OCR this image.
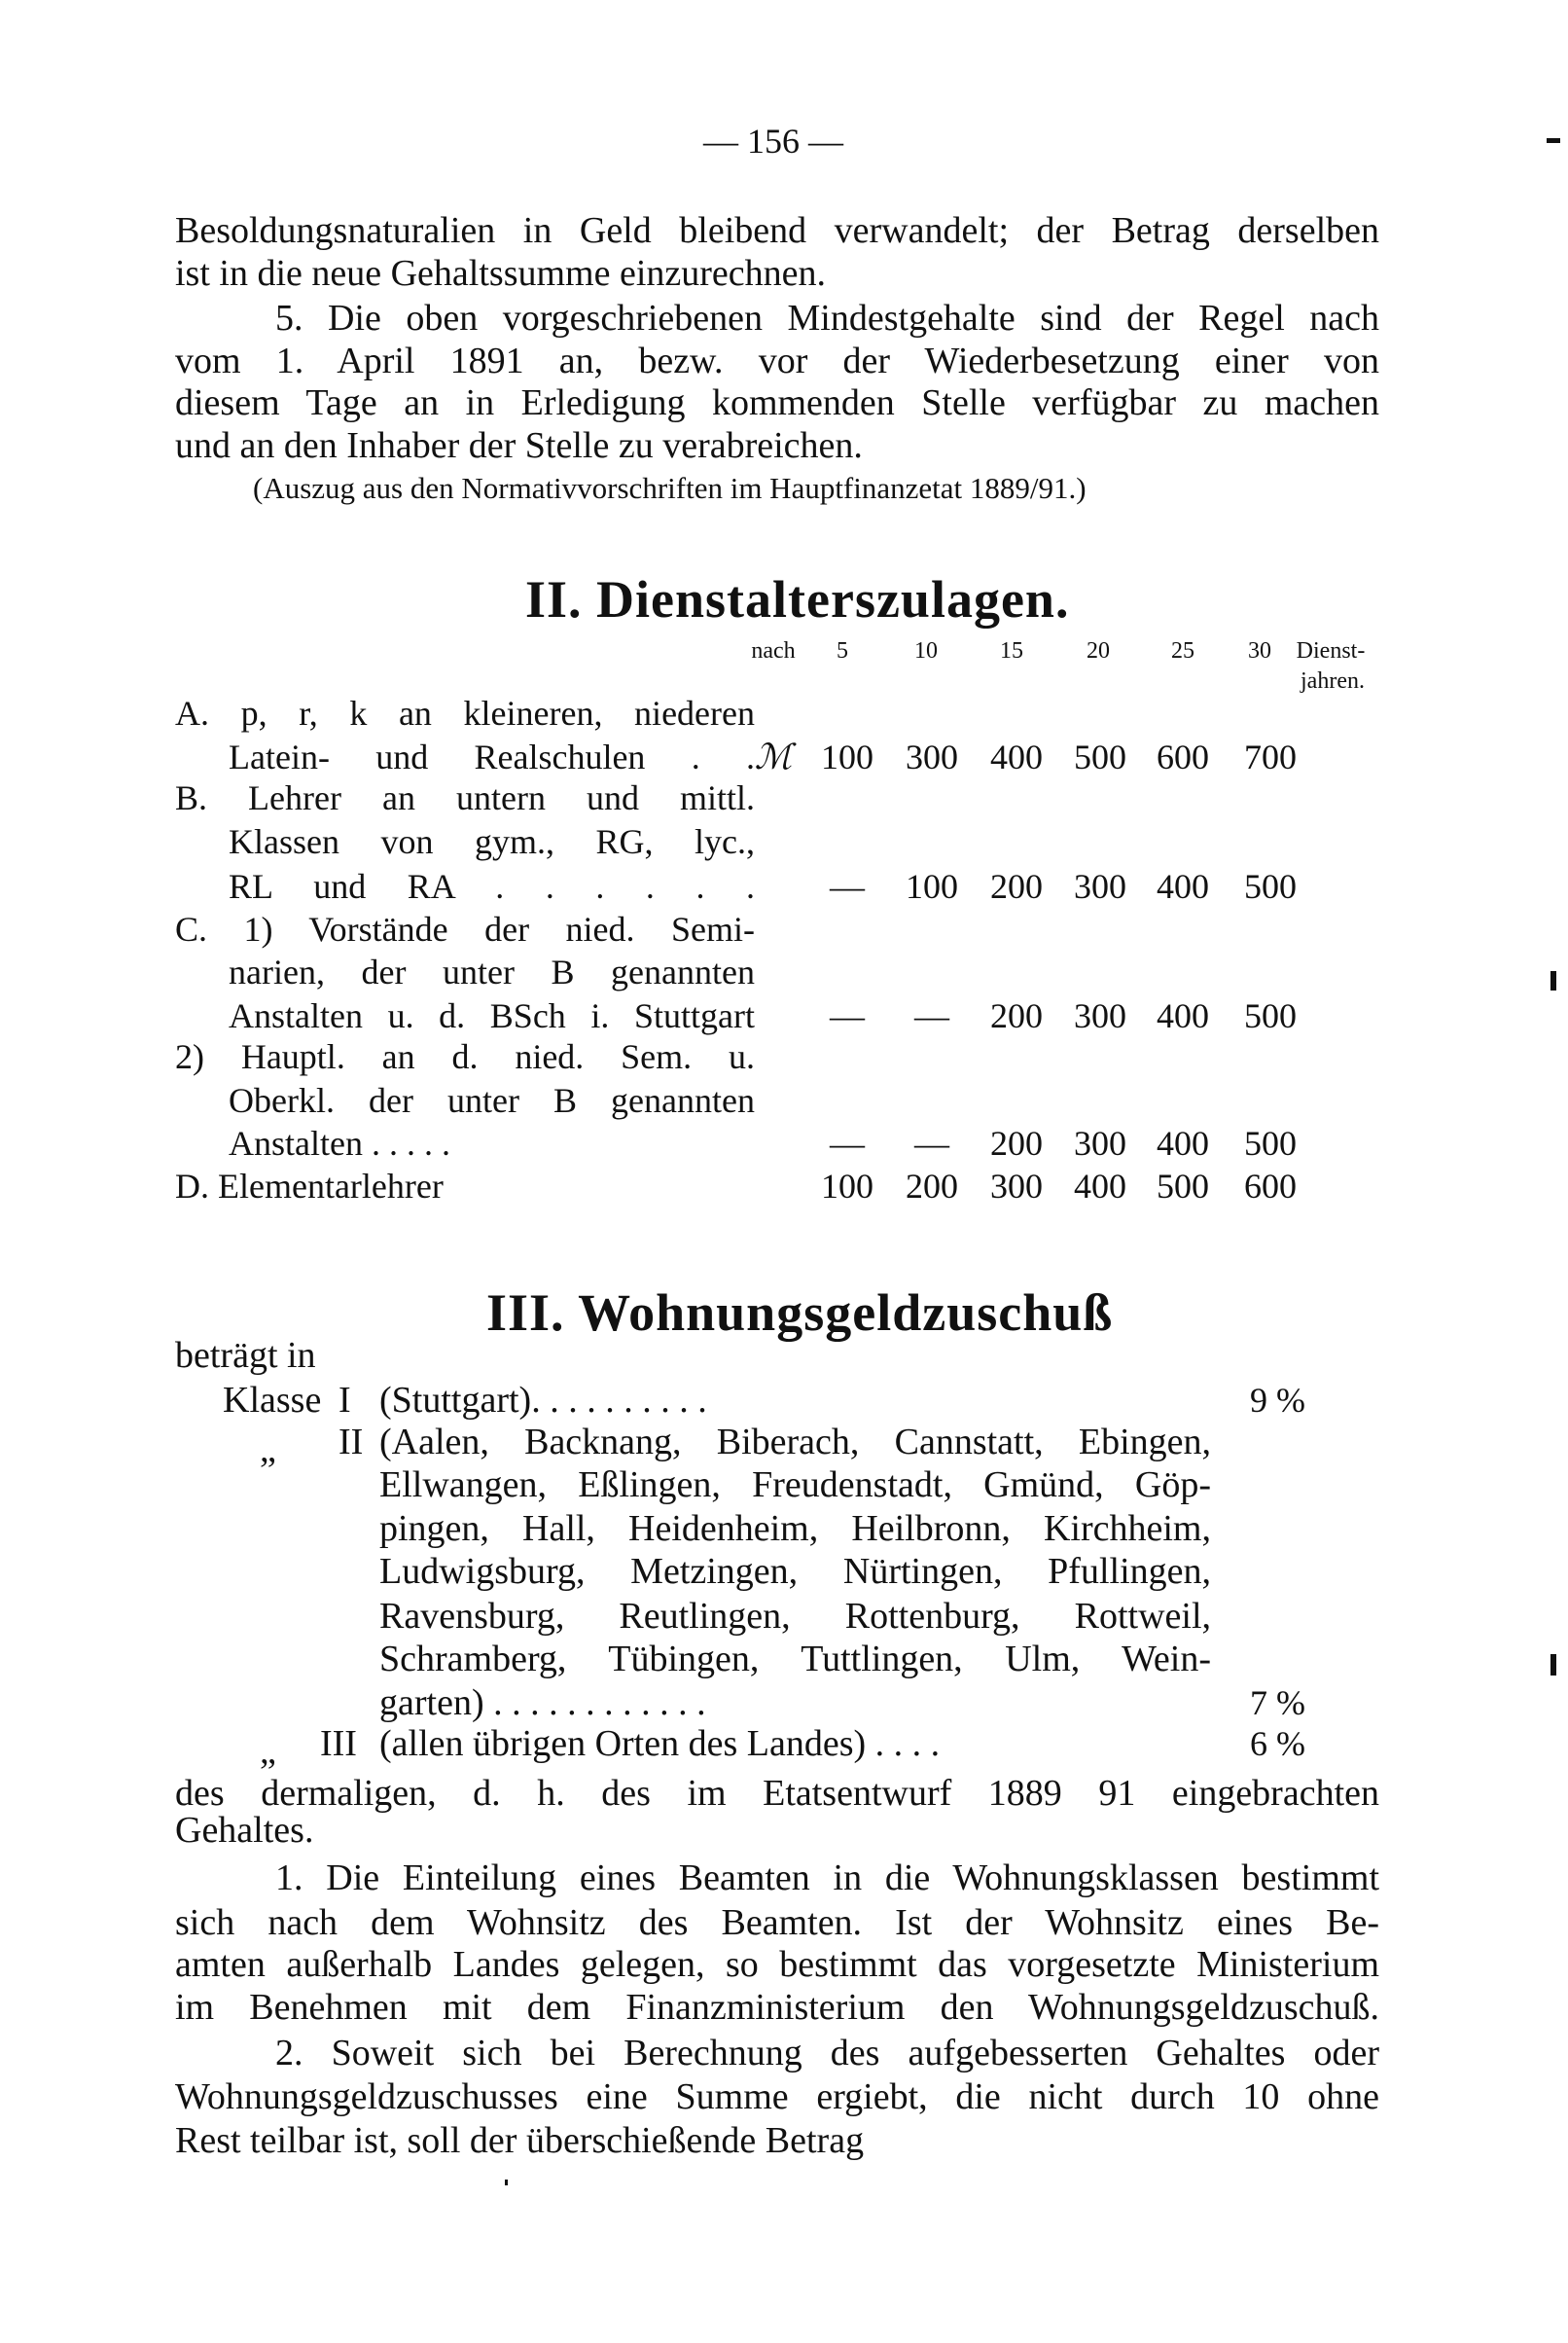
— 156 —
Besoldungsnaturalien in Geld bleibend verwandelt; der Betrag derselben
ist in die neue Gehaltssumme einzurechnen.
5. Die oben vorgeschriebenen Mindestgehalte sind der Regel nach
vom 1. April 1891 an, bezw. vor der Wiederbesetzung einer von
diesem Tage an in Erledigung kommenden Stelle verfügbar zu machen
und an den Inhaber der Stelle zu verabreichen.
(Auszug aus den Normativvorschriften im Hauptfinanzetat 1889/91.)
II. Dienstalterszulagen.
nach	5	10	15	20	25	30	Dienst-
jahren.
A. p, r, k an kleineren, niederen
Latein- und Realschulen . . ℳ 100 300 400 500 600	700
B. Lehrer an untern und mittl.
Klassen von gym., RG, lyc.,
RL und RA . . . . . .	—	100 200 300 400	500
C. 1) Vorstände der nied. Semi-
narien, der unter B genannten
Anstalten u. d. BSch i. Stuttgart	—	—	200 300 400	500
2) Hauptl. an d. nied. Sem. u.
Oberkl. der unter B genannten
Anstalten . . . . .	—	—	200 300 400	500
D. Elementarlehrer	100 200 300 400 500	600
III. Wohnungsgeldzuschuß
beträgt in
Klasse I (Stuttgart). . . . . . . . . .	9 %
„ II (Aalen, Backnang, Biberach, Cannstatt, Ebingen,
Ellwangen, Eßlingen, Freudenstadt, Gmünd, Göp-
pingen, Hall, Heidenheim, Heilbronn, Kirchheim,
Ludwigsburg, Metzingen, Nürtingen, Pfullingen,
Ravensburg, Reutlingen, Rottenburg, Rottweil,
Schramberg, Tübingen, Tuttlingen, Ulm, Wein-
garten) . . . . . . . . . . . .	7 %
„ III (allen übrigen Orten des Landes) . . . .	6 %
des dermaligen, d. h. des im Etatsentwurf 1889 91 eingebrachten
Gehaltes.
1. Die Einteilung eines Beamten in die Wohnungsklassen bestimmt
sich nach dem Wohnsitz des Beamten. Ist der Wohnsitz eines Be-
amten außerhalb Landes gelegen, so bestimmt das vorgesetzte Ministerium
im Benehmen mit dem Finanzministerium den Wohnungsgeldzuschuß.
2. Soweit sich bei Berechnung des aufgebesserten Gehaltes oder
Wohnungsgeldzuschusses eine Summe ergiebt, die nicht durch 10 ohne
Rest teilbar ist, soll der überschießende Betrag
